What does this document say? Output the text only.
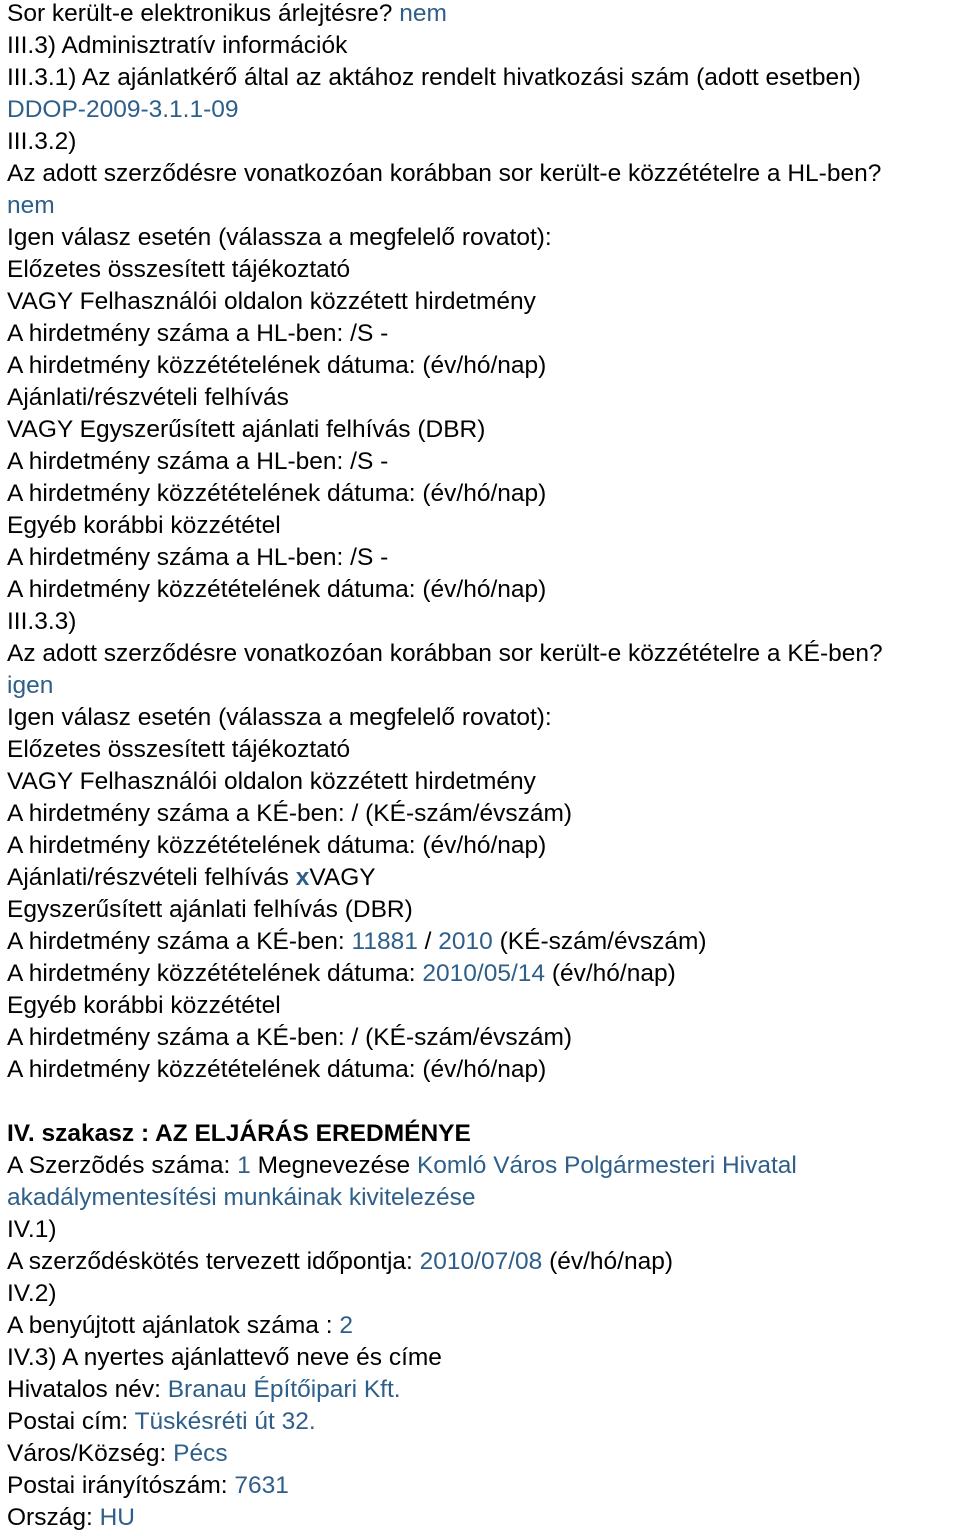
Sor került-e elektronikus árlejtésre? nem
III.3) Adminisztratív információk
III.3.1) Az ajánlatkérő által az aktához rendelt hivatkozási szám (adott esetben)
DDOP-2009-3.1.1-09
III.3.2)
Az adott szerződésre vonatkozóan korábban sor került-e közzétételre a HL-ben?
nem
Igen válasz esetén (válassza a megfelelő rovatot):
Előzetes összesített tájékoztató
VAGY Felhasználói oldalon közzétett hirdetmény
A hirdetmény száma a HL-ben: /S -
A hirdetmény közzétételének dátuma: (év/hó/nap)
Ajánlati/részvételi felhívás
VAGY Egyszerűsített ajánlati felhívás (DBR)
A hirdetmény száma a HL-ben: /S -
A hirdetmény közzétételének dátuma: (év/hó/nap)
Egyéb korábbi közzététel
A hirdetmény száma a HL-ben: /S -
A hirdetmény közzétételének dátuma: (év/hó/nap)
III.3.3)
Az adott szerződésre vonatkozóan korábban sor került-e közzétételre a KÉ-ben?
igen
Igen válasz esetén (válassza a megfelelő rovatot):
Előzetes összesített tájékoztató
VAGY Felhasználói oldalon közzétett hirdetmény
A hirdetmény száma a KÉ-ben: / (KÉ-szám/évszám)
A hirdetmény közzétételének dátuma: (év/hó/nap)
Ajánlati/részvételi felhívás xVAGY
Egyszerűsített ajánlati felhívás (DBR)
A hirdetmény száma a KÉ-ben: 11881 / 2010 (KÉ-szám/évszám)
A hirdetmény közzétételének dátuma: 2010/05/14 (év/hó/nap)
Egyéb korábbi közzététel
A hirdetmény száma a KÉ-ben: / (KÉ-szám/évszám)
A hirdetmény közzétételének dátuma: (év/hó/nap)
IV. szakasz : AZ ELJÁRÁS EREDMÉNYE
A Szerzõdés száma: 1 Megnevezése Komló Város Polgármesteri Hivatal
akadálymentesítési munkáinak kivitelezése
IV.1)
A szerződéskötés tervezett időpontja: 2010/07/08 (év/hó/nap)
IV.2)
A benyújtott ajánlatok száma : 2
IV.3) A nyertes ajánlattevő neve és címe
Hivatalos név: Branau Építőipari Kft.
Postai cím: Tüskésréti út 32.
Város/Község: Pécs
Postai irányítószám: 7631
Ország: HU
